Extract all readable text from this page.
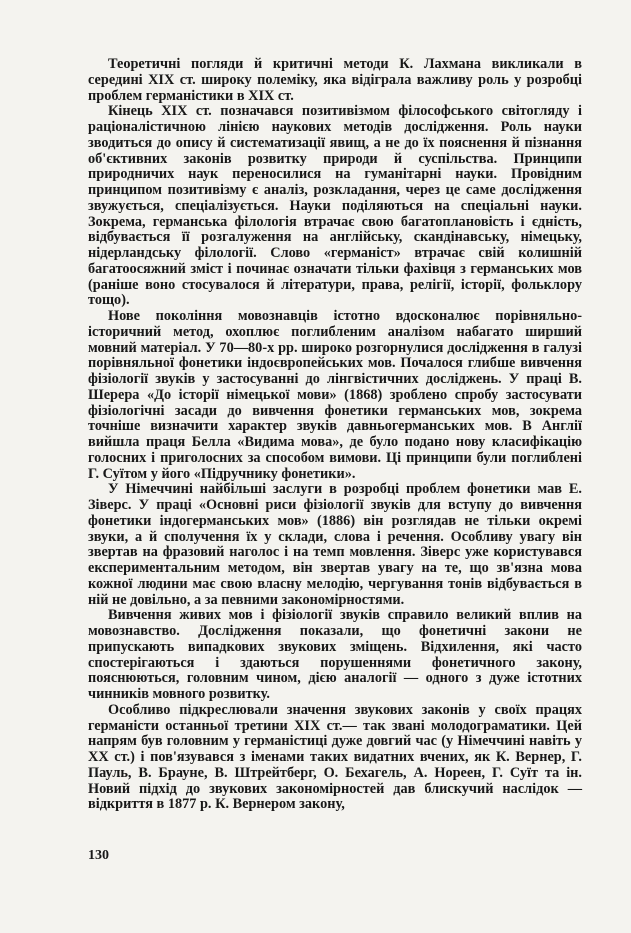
Теоретичні погляди й критичні методи К. Лахмана викликали в середині XIX ст. широку полеміку, яка відіграла важливу роль у розробці проблем германістики в XIX ст.

Кінець XIX ст. позначався позитивізмом філософського світогляду і раціоналістичною лінією наукових методів дослідження. Роль науки зводиться до опису й систематизації явищ, а не до їх пояснення й пізнання об'єктивних законів розвитку природи й суспільства. Принципи природничих наук переносилися на гуманітарні науки. Провідним принципом позитивізму є аналіз, розкладання, через це саме дослідження звужується, спеціалізується. Науки поділяються на спеціальні науки. Зокрема, германська філологія втрачає свою багатоплановість і єдність, відбувається її розгалуження на англійську, скандінавську, німецьку, нідерландську філології. Слово «германіст» втрачає свій колишній багатоосяжний зміст і починає означати тільки фахівця з германських мов (раніше воно стосувалося й літератури, права, релігії, історії, фольклору тощо).

Нове покоління мовознавців істотно вдосконалює порівняльно-історичний метод, охоплює поглибленим аналізом набагато ширший мовний матеріал. У 70—80-х рр. широко розгорнулися дослідження в галузі порівняльної фонетики індоєвропейських мов. Почалося глибше вивчення фізіології звуків у застосуванні до лінгвістичних досліджень. У праці В. Шерера «До історії німецької мови» (1868) зроблено спробу застосувати фізіологічні засади до вивчення фонетики германських мов, зокрема точніше визначити характер звуків давньогерманських мов. В Англії вийшла праця Белла «Видима мова», де було подано нову класифікацію голосних і приголосних за способом вимови. Ці принципи були поглиблені Г. Суїтом у його «Підручнику фонетики».

У Німеччині найбільші заслуги в розробці проблем фонетики мав Е. Зіверс. У праці «Основні риси фізіології звуків для вступу до вивчення фонетики індогерманських мов» (1886) він розглядав не тільки окремі звуки, а й сполучення їх у склади, слова і речення. Особливу увагу він звертав на фразовий наголос і на темп мовлення. Зіверс уже користувався експериментальним методом, він звертав увагу на те, що зв'язна мова кожної людини має свою власну мелодію, чергування тонів відбувається в ній не довільно, а за певними закономірностями.

Вивчення живих мов і фізіології звуків справило великий вплив на мовознавство. Дослідження показали, що фонетичні закони не припускають випадкових звукових зміщень. Відхилення, які часто спостерігаються і здаються порушеннями фонетичного закону, пояснюються, головним чином, дією аналогії — одного з дуже істотних чинників мовного розвитку.

Особливо підкреслювали значення звукових законів у своїх працях германісти останньої третини XIX ст.— так звані молодограматики. Цей напрям був головним у германістиці дуже довгий час (у Німеччині навіть у XX ст.) і пов'язувався з іменами таких видатних вчених, як К. Вернер, Г. Пауль, В. Брауне, В. Штрейтберг, О. Бехагель, А. Нореен, Г. Суїт та ін. Новий підхід до звукових закономірностей дав блискучий наслідок — відкриття в 1877 р. К. Вернером закону,

130
